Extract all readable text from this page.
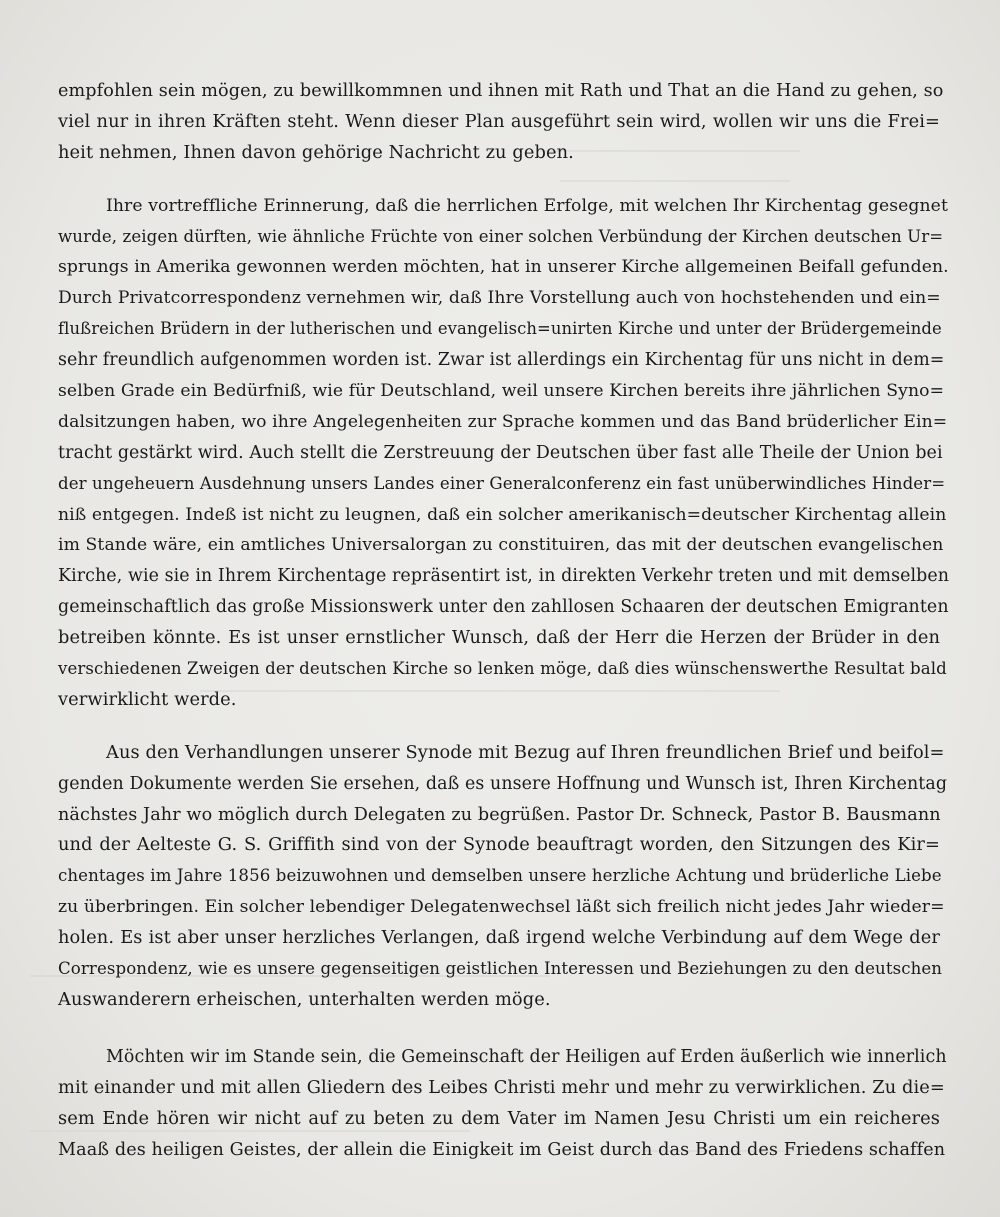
empfohlen sein mögen, zu bewillkommnen und ihnen mit Rath und That an die Hand zu gehen, so
viel nur in ihren Kräften steht. Wenn dieser Plan ausgeführt sein wird, wollen wir uns die Frei=
heit nehmen, Ihnen davon gehörige Nachricht zu geben.
Ihre vortreffliche Erinnerung, daß die herrlichen Erfolge, mit welchen Ihr Kirchentag gesegnet
wurde, zeigen dürften, wie ähnliche Früchte von einer solchen Verbündung der Kirchen deutschen Ur=
sprungs in Amerika gewonnen werden möchten, hat in unserer Kirche allgemeinen Beifall gefunden.
Durch Privatcorrespondenz vernehmen wir, daß Ihre Vorstellung auch von hochstehenden und ein=
flußreichen Brüdern in der lutherischen und evangelisch=unirten Kirche und unter der Brüdergemeinde
sehr freundlich aufgenommen worden ist. Zwar ist allerdings ein Kirchentag für uns nicht in dem=
selben Grade ein Bedürfniß, wie für Deutschland, weil unsere Kirchen bereits ihre jährlichen Syno=
dalsitzungen haben, wo ihre Angelegenheiten zur Sprache kommen und das Band brüderlicher Ein=
tracht gestärkt wird. Auch stellt die Zerstreuung der Deutschen über fast alle Theile der Union bei
der ungeheuern Ausdehnung unsers Landes einer Generalconferenz ein fast unüberwindliches Hinder=
niß entgegen. Indeß ist nicht zu leugnen, daß ein solcher amerikanisch=deutscher Kirchentag allein
im Stande wäre, ein amtliches Universalorgan zu constituiren, das mit der deutschen evangelischen
Kirche, wie sie in Ihrem Kirchentage repräsentirt ist, in direkten Verkehr treten und mit demselben
gemeinschaftlich das große Missionswerk unter den zahllosen Schaaren der deutschen Emigranten
betreiben könnte. Es ist unser ernstlicher Wunsch, daß der Herr die Herzen der Brüder in den
verschiedenen Zweigen der deutschen Kirche so lenken möge, daß dies wünschenswerthe Resultat bald
verwirklicht werde.
Aus den Verhandlungen unserer Synode mit Bezug auf Ihren freundlichen Brief und beifol=
genden Dokumente werden Sie ersehen, daß es unsere Hoffnung und Wunsch ist, Ihren Kirchentag
nächstes Jahr wo möglich durch Delegaten zu begrüßen. Pastor Dr. Schneck, Pastor B. Bausmann
und der Aelteste G. S. Griffith sind von der Synode beauftragt worden, den Sitzungen des Kir=
chentages im Jahre 1856 beizuwohnen und demselben unsere herzliche Achtung und brüderliche Liebe
zu überbringen. Ein solcher lebendiger Delegatenwechsel läßt sich freilich nicht jedes Jahr wieder=
holen. Es ist aber unser herzliches Verlangen, daß irgend welche Verbindung auf dem Wege der
Correspondenz, wie es unsere gegenseitigen geistlichen Interessen und Beziehungen zu den deutschen
Auswanderern erheischen, unterhalten werden möge.
Möchten wir im Stande sein, die Gemeinschaft der Heiligen auf Erden äußerlich wie innerlich
mit einander und mit allen Gliedern des Leibes Christi mehr und mehr zu verwirklichen. Zu die=
sem Ende hören wir nicht auf zu beten zu dem Vater im Namen Jesu Christi um ein reicheres
Maaß des heiligen Geistes, der allein die Einigkeit im Geist durch das Band des Friedens schaffen
